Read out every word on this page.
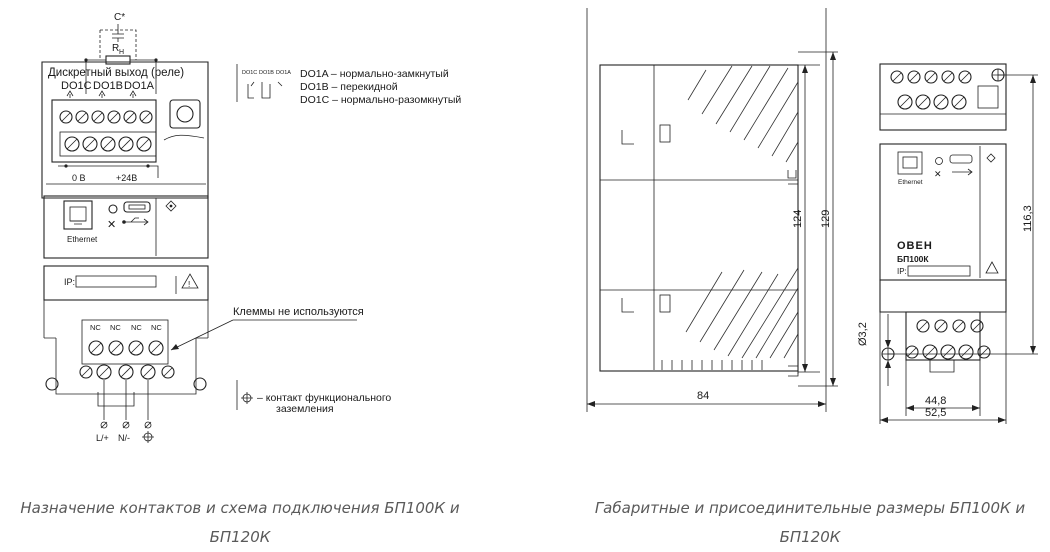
C*
R H
Дискретный выход (реле)
DO1C DO1B DO1A
0 В	+24В
Ethernet
✕
IP:	!
NC NC NC NC
L/+ N/-
Клеммы не используются
DO1C DO1B DO1A DO1A – нормально-замкнутый
DO1B – перекидной
DO1C – нормально-разомкнутый
– контакт функционального
заземления
84
124 129
Ethernet
✕
ОВЕН
БП100К
IP:
116,3
Ø3,2
44,8
52,5
Назначение контактов и схема подключения БП100К и БП120К
Габаритные и присоединительные размеры БП100К и БП120К
